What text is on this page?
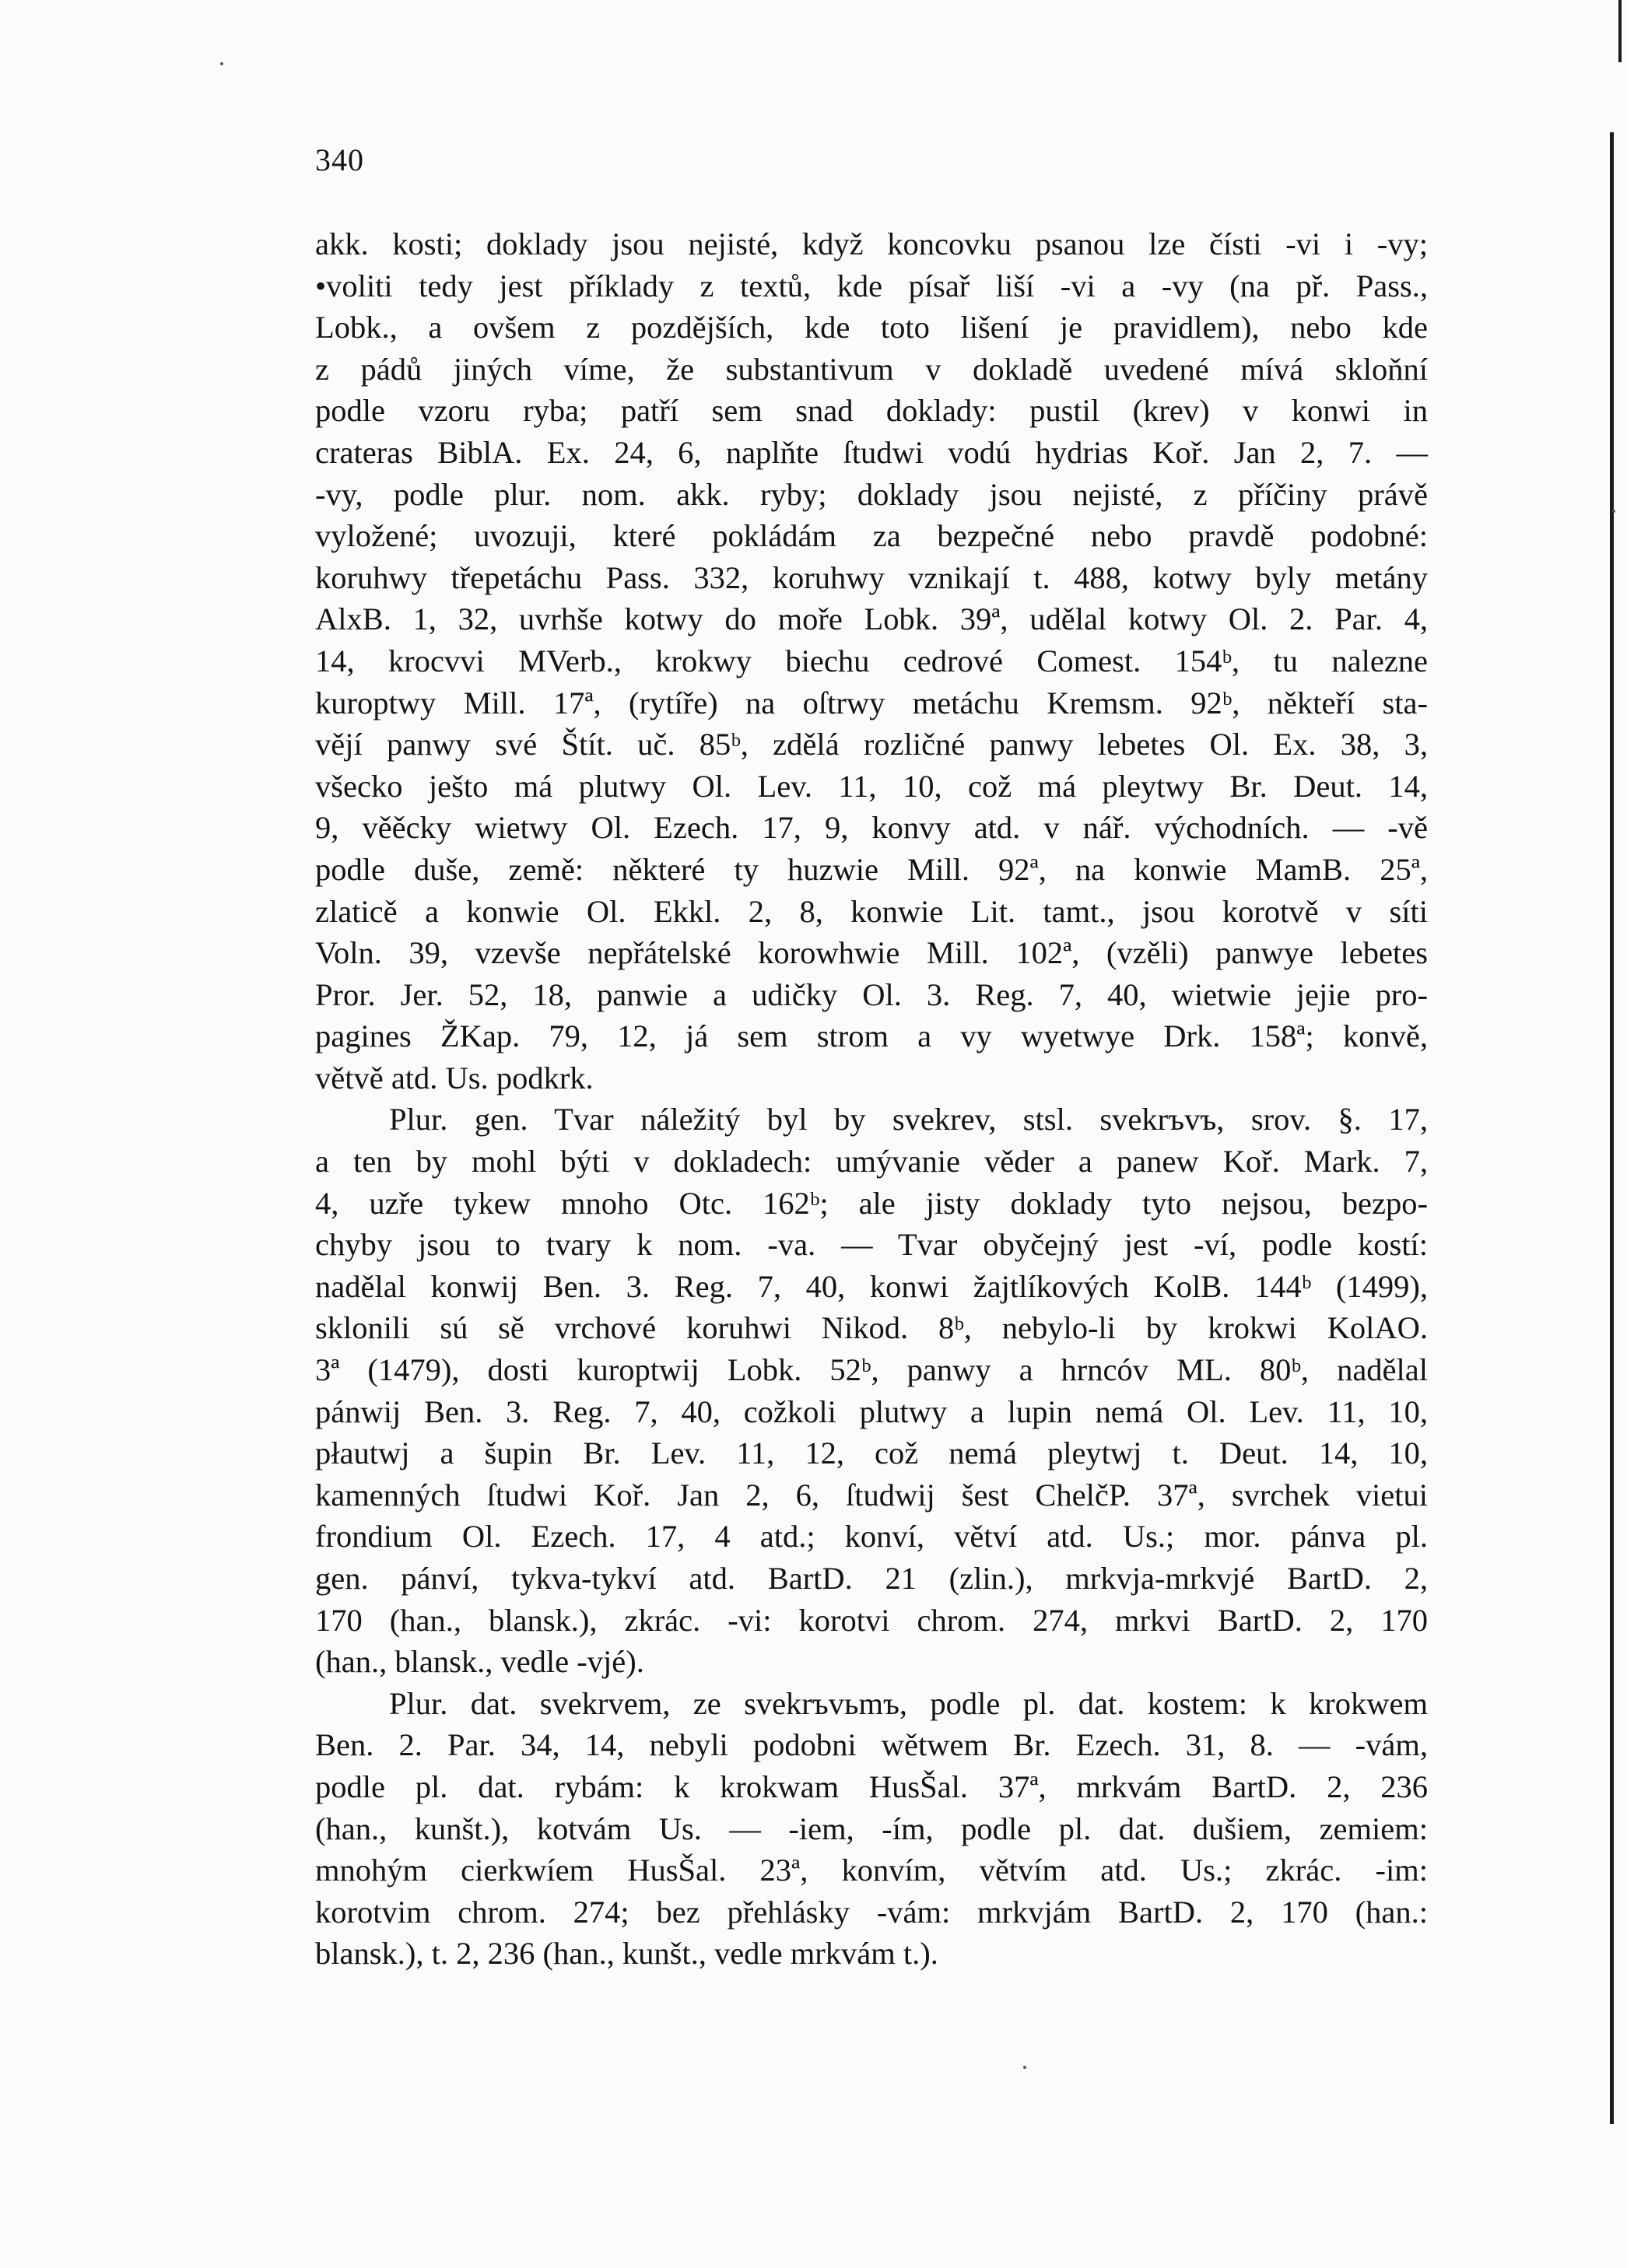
340
akk. kosti; doklady jsou nejisté, když koncovku psanou lze čísti -vi i -vy;
•voliti tedy jest příklady z textů, kde písař liší -vi a -vy (na př. Pass.,
Lobk., a ovšem z pozdějších, kde toto lišení je pravidlem), nebo kde
z pádů jiných víme, že substantivum v dokladě uvedené mívá skloňní
podle vzoru ryba; patří sem snad doklady: pustil (krev) v konwi in
crateras BiblA. Ex. 24, 6, naplňte ſtudwi vodú hydrias Koř. Jan 2, 7. —
-vy, podle plur. nom. akk. ryby; doklady jsou nejisté, z příčiny právě
vyložené; uvozuji, které pokládám za bezpečné nebo pravdě podobné:
koruhwy třepetáchu Pass. 332, koruhwy vznikají t. 488, kotwy byly metány
AlxB. 1, 32, uvrhše kotwy do moře Lobk. 39ª, udělal kotwy Ol. 2. Par. 4,
14, krocvvi MVerb., krokwy biechu cedrové Comest. 154ᵇ, tu nalezne
kuroptwy Mill. 17ª, (rytíře) na oſtrwy metáchu Kremsm. 92ᵇ, někteří sta-
vějí panwy své Štít. uč. 85ᵇ, zdělá rozličné panwy lebetes Ol. Ex. 38, 3,
všecko ješto má plutwy Ol. Lev. 11, 10, což má pleytwy Br. Deut. 14,
9, věěcky wietwy Ol. Ezech. 17, 9, konvy atd. v nář. východních. — -vě
podle duše, země: některé ty huzwie Mill. 92ª, na konwie MamB. 25ª,
zlaticě a konwie Ol. Ekkl. 2, 8, konwie Lit. tamt., jsou korotvě v síti
Voln. 39, vzevše nepřátelské korowhwie Mill. 102ª, (vzěli) panwye lebetes
Pror. Jer. 52, 18, panwie a udičky Ol. 3. Reg. 7, 40, wietwie jejie pro-
pagines ŽKap. 79, 12, já sem strom a vy wyetwye Drk. 158ª; konvě,
větvě atd. Us. podkrk.
Plur. gen. Tvar náležitý byl by svekrev, stsl. svekrъvъ, srov. §. 17,
a ten by mohl býti v dokladech: umývanie věder a panew Koř. Mark. 7,
4, uzře tykew mnoho Otc. 162ᵇ; ale jisty doklady tyto nejsou, bezpo-
chyby jsou to tvary k nom. -va. — Tvar obyčejný jest -ví, podle kostí:
nadělal konwij Ben. 3. Reg. 7, 40, konwi žajtlíkových KolB. 144ᵇ (1499),
sklonili sú sě vrchové koruhwi Nikod. 8ᵇ, nebylo-li by krokwi KolAO.
3ª (1479), dosti kuroptwij Lobk. 52ᵇ, panwy a hrncóv ML. 80ᵇ, nadělal
pánwij Ben. 3. Reg. 7, 40, cožkoli plutwy a lupin nemá Ol. Lev. 11, 10,
płautwj a šupin Br. Lev. 11, 12, což nemá pleytwj t. Deut. 14, 10,
kamenných ſtudwi Koř. Jan 2, 6, ſtudwij šest ChelčP. 37ª, svrchek vietui
frondium Ol. Ezech. 17, 4 atd.; konví, větví atd. Us.; mor. pánva pl.
gen. pánví, tykva-tykví atd. BartD. 21 (zlin.), mrkvja-mrkvjé BartD. 2,
170 (han., blansk.), zkrác. -vi: korotvi chrom. 274, mrkvi BartD. 2, 170
(han., blansk., vedle -vjé).
Plur. dat. svekrvem, ze svekrъvьmъ, podle pl. dat. kostem: k krokwem
Ben. 2. Par. 34, 14, nebyli podobni wětwem Br. Ezech. 31, 8. — -vám,
podle pl. dat. rybám: k krokwam HusŠal. 37ª, mrkvám BartD. 2, 236
(han., kunšt.), kotvám Us. — -iem, -ím, podle pl. dat. dušiem, zemiem:
mnohým cierkwíem HusŠal. 23ª, konvím, větvím atd. Us.; zkrác. -im:
korotvim chrom. 274; bez přehlásky -vám: mrkvjám BartD. 2, 170 (han.:
blansk.), t. 2, 236 (han., kunšt., vedle mrkvám t.).
